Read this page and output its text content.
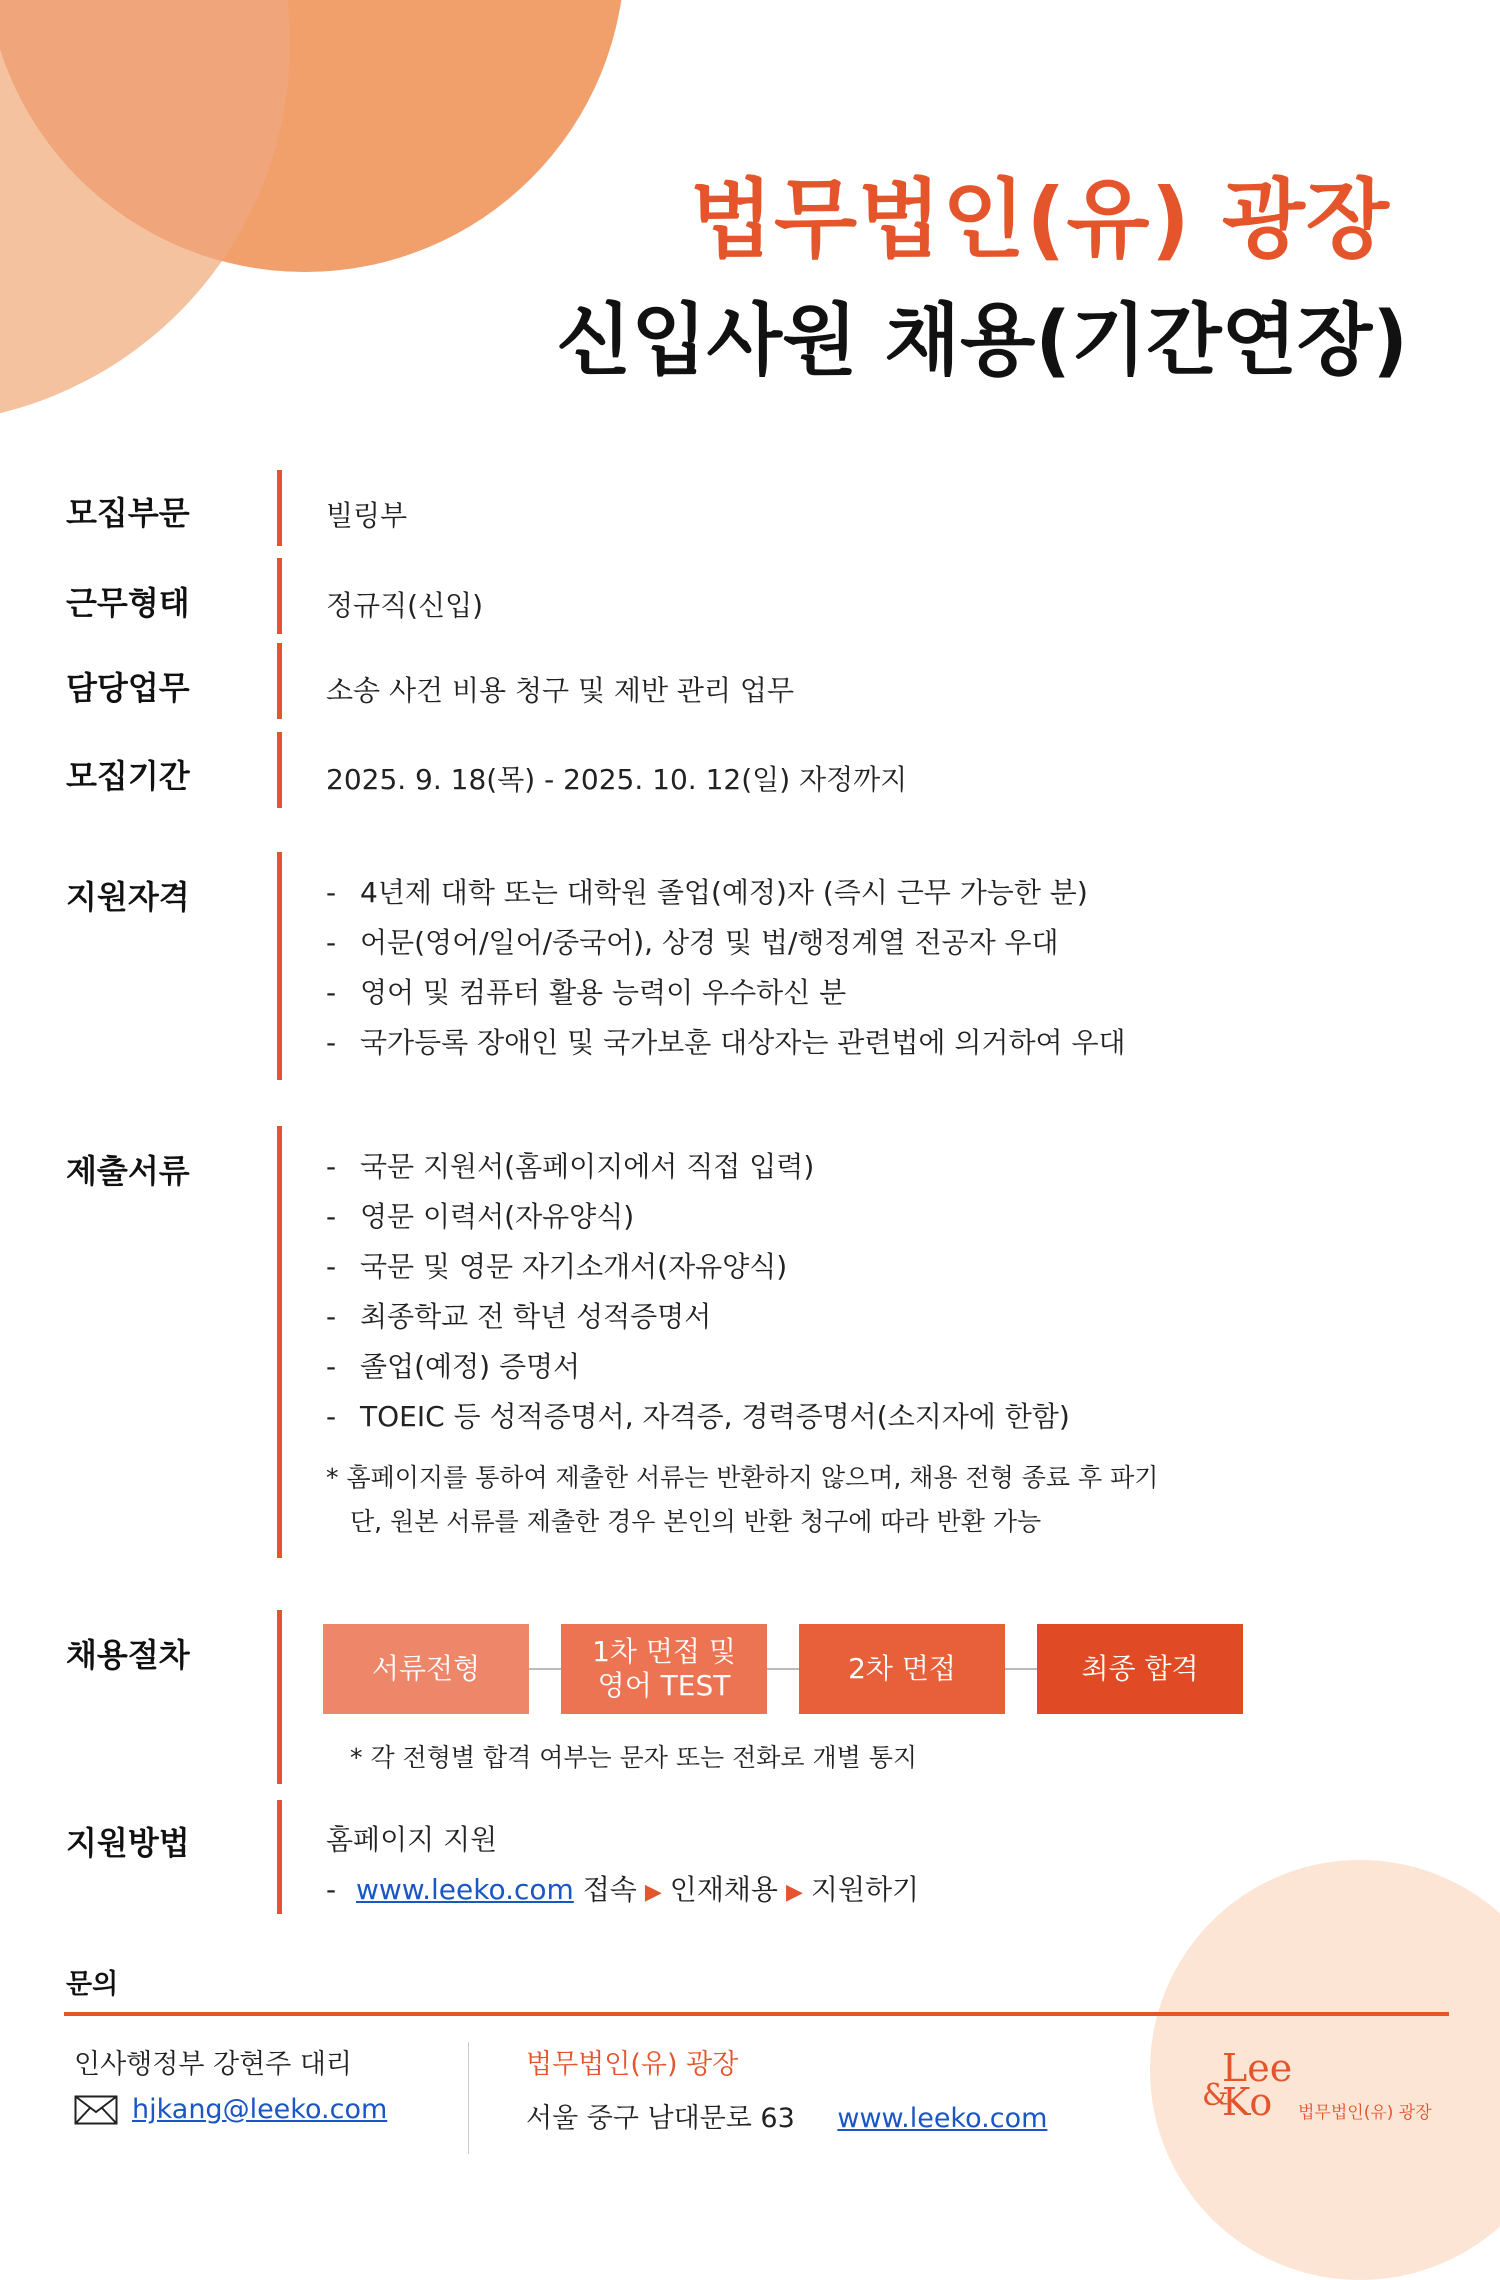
법무법인(유) 광장
신입사원 채용(기간연장)
모집부문	빌링부
근무형태	정규직(신입)
담당업무	소송 사건 비용 청구 및 제반 관리 업무
모집기간	2025. 9. 18(목) - 2025. 10. 12(일) 자정까지
지원자격	- 4년제 대학 또는 대학원 졸업(예정)자 (즉시 근무 가능한 분)
- 어문(영어/일어/중국어), 상경 및 법/행정계열 전공자 우대
- 영어 및 컴퓨터 활용 능력이 우수하신 분
- 국가등록 장애인 및 국가보훈 대상자는 관련법에 의거하여 우대
제출서류	- 국문 지원서(홈페이지에서 직접 입력)
- 영문 이력서(자유양식)
- 국문 및 영문 자기소개서(자유양식)
- 최종학교 전 학년 성적증명서
- 졸업(예정) 증명서
- TOEIC 등 성적증명서, 자격증, 경력증명서(소지자에 한함)
* 홈페이지를 통하여 제출한 서류는 반환하지 않으며, 채용 전형 종료 후 파기
단, 원본 서류를 제출한 경우 본인의 반환 청구에 따라 반환 가능
채용절차	서류전형
1차 면접 및
영어 TEST
2차 면접	최종 합격
* 각 전형별 합격 여부는 문자 또는 전화로 개별 통지
지원방법	홈페이지 지원
- www.leeko.com 접속 ▶ 인재채용 ▶ 지원하기
문의
인사행정부 강현주 대리
hjkang@leeko.com
법무법인(유) 광장
서울 중구 남대문로 63 www.leeko.com
Lee
&
Ko 법무법인(유) 광장
